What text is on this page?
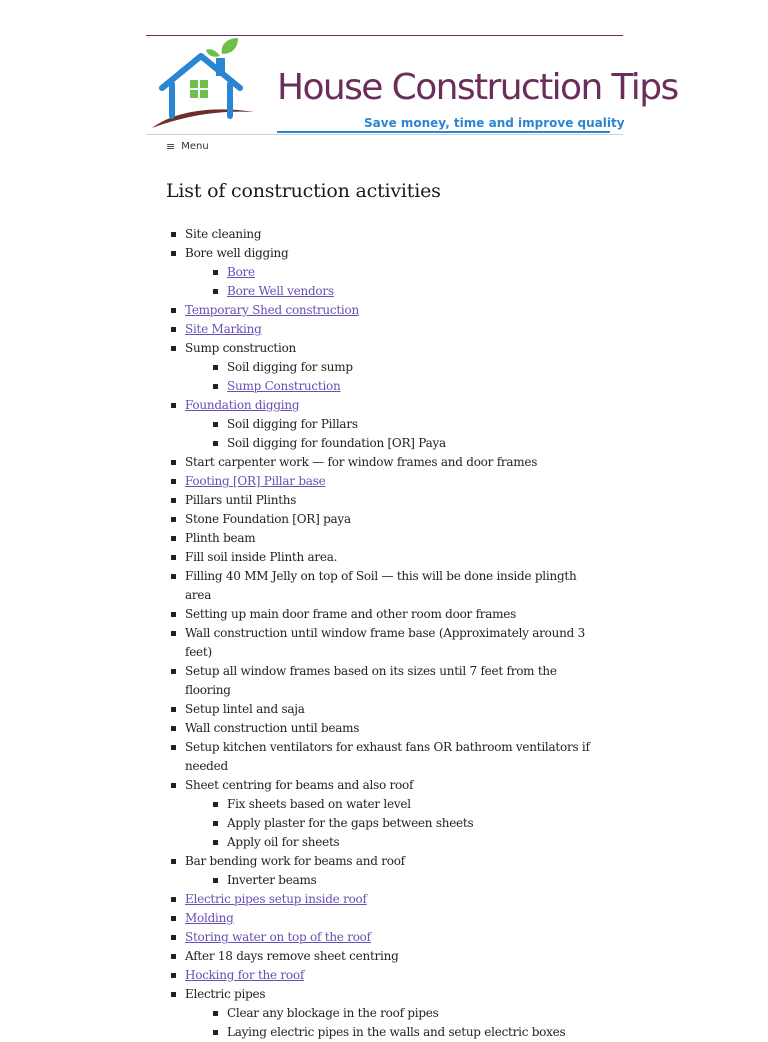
House Construction Tips
Save money, time and improve quality
≡ Menu
List of construction activities
Site cleaning
Bore well digging
Bore
Bore Well vendors
Temporary Shed construction
Site Marking
Sump construction
Soil digging for sump
Sump Construction
Foundation digging
Soil digging for Pillars
Soil digging for foundation [OR] Paya
Start carpenter work — for window frames and door frames
Footing [OR] Pillar base
Pillars until Plinths
Stone Foundation [OR] paya
Plinth beam
Fill soil inside Plinth area.
Filling 40 MM Jelly on top of Soil — this will be done inside plingth area
Setting up main door frame and other room door frames
Wall construction until window frame base (Approximately around 3 feet)
Setup all window frames based on its sizes until 7 feet from the flooring
Setup lintel and saja
Wall construction until beams
Setup kitchen ventilators for exhaust fans OR bathroom ventilators if needed
Sheet centring for beams and also roof
Fix sheets based on water level
Apply plaster for the gaps between sheets
Apply oil for sheets
Bar bending work for beams and roof
Inverter beams
Electric pipes setup inside roof
Molding
Storing water on top of the roof
After 18 days remove sheet centring
Hocking for the roof
Electric pipes
Clear any blockage in the roof pipes
Laying electric pipes in the walls and setup electric boxes
